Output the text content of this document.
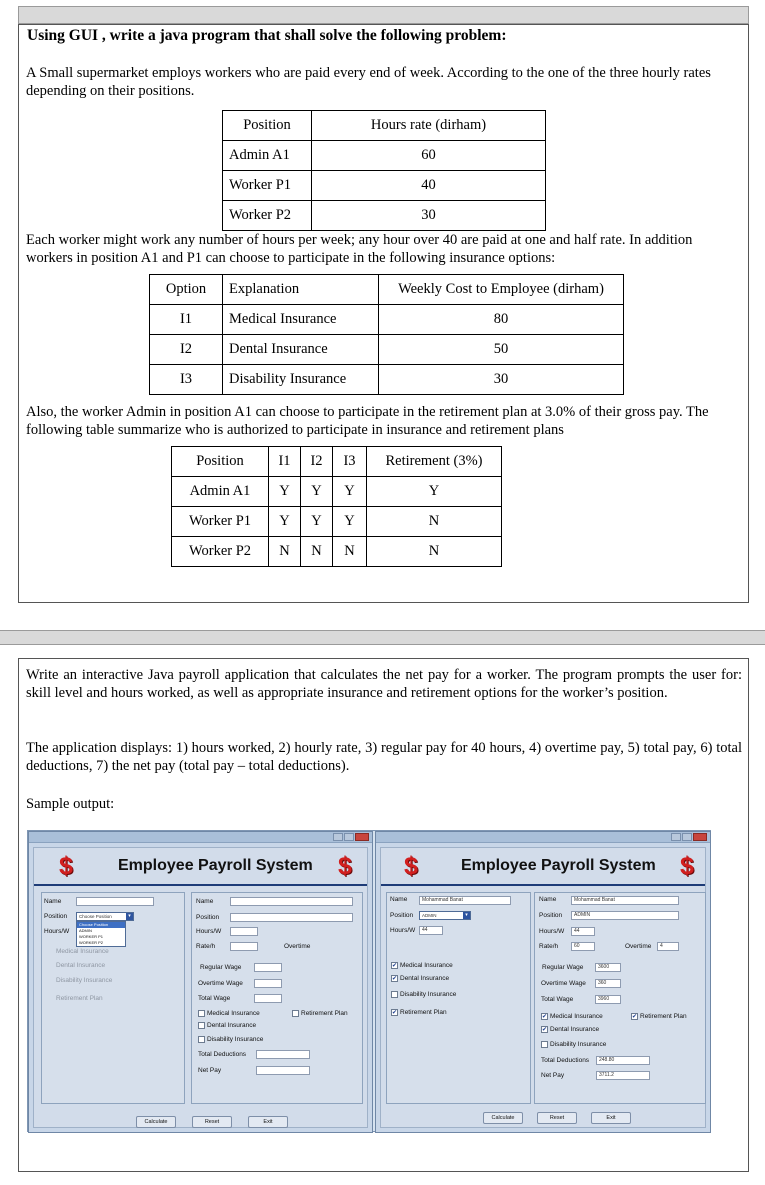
Using GUI , write a java program that shall solve the following problem:
A Small supermarket employs workers who are paid every end of week. According to the one of the three hourly rates depending on their positions.
Position	Hours rate (dirham)
Admin A1	60
Worker P1	40
Worker P2	30
Each worker might work any number of hours per week; any hour over 40 are paid at one and half rate. In addition workers in position A1 and P1 can choose to participate in the following insurance options:
Option	Explanation	Weekly Cost to Employee (dirham)
I1	Medical Insurance	80
I2	Dental Insurance	50
I3	Disability Insurance	30
Also, the worker Admin in position A1 can choose to participate in the retirement plan at 3.0% of their gross pay. The following table summarize who is authorized to participate in insurance and retirement plans
Position	I1	I2	I3	Retirement (3%)
Admin A1	Y	Y	Y	Y
Worker P1	Y	Y	Y	N
Worker P2	N	N	N	N
Write an interactive Java payroll application that calculates the net pay for a worker. The program prompts the user for: skill level and hours worked, as well as appropriate insurance and retirement options for the worker’s position.
The application displays: 1) hours worked, 2) hourly rate, 3) regular pay for 40 hours, 4) overtime pay, 5) total pay, 6) total deductions, 7) the net pay (total pay – total deductions).
Sample output:
$	Employee Payroll System $
Name
Position	Choose Position	▾
Choose Position
ADMIN
WORKER P1
WORKER P2
Hours/W
Medical Insurance
Dental Insurance
Disability Insurance
Retirement Plan
Name
Position
Hours/W
Rate/h	Overtime
Regular Wage
Overtime Wage
Total Wage
Medical Insurance	Retirement Plan
Dental Insurance
Disability Insurance
Total Deductions
Net Pay
Calculate	Reset	Exit
$	Employee Payroll System $
Name	Mohammad Banat
Position	ADMIN	▾
Hours/W	44
✔ Medical Insurance
✔ Dental Insurance
Disability Insurance
✔ Retirement Plan
Name	Mohammad Banat
Position	ADMIN
Hours/W	44
Rate/h	60	Overtime	4
Regular Wage	3600
Overtime Wage	360
Total Wage	3960
✔ Medical Insurance	✔ Retirement Plan
✔ Dental Insurance
Disability Insurance
Total Deductions	248.80
Net Pay	3711.2
Calculate	Reset	Exit
